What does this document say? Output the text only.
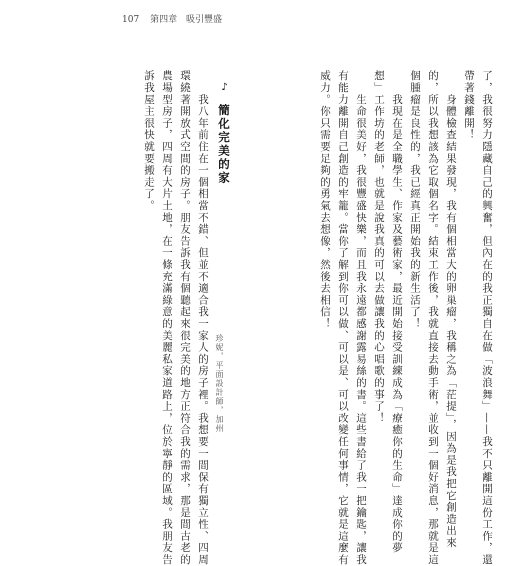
107 第四章 吸引豐盛
了，我很努力隱藏自己的興奮，但內在的我正獨自在做「波浪舞」——我不只離開這份工作，還
帶著錢離開！
　　身體檢查結果發現，我有個相當大的卵巢瘤，我稱之為「茫提」，因為是我把它創造出來
的，所以我想該為它取個名字。結束工作後，我就直接去動手術，並收到一個好消息，那就是這
個腫瘤是良性的，我已經真正開始我的新生活了！
　　我現在是全職學生、作家及藝術家，最近開始接受訓練成為「療癒你的生命」達成你的夢
想」工作坊的老師，也就是說我真的可以去做讓我的心唱歌的事了！
　　生命很美好，我很豐盛快樂，而且我永遠都感謝露易絲的書。這些書給了我一把鑰匙，讓我
有能力離開自己創造的牢籠。當你了解到你可以做、可以是、可以改變任何事情，它就是這麼有
威力。你只需要足夠的勇氣去想像，然後去相信！
♪ 簡化完美的家
珍妮，平面設計師，加州
　　我八年前住在一個相當不錯、但並不適合我一家人的房子裡。我想要一間保有獨立性、四周
環繞著開放式空間的房子。朋友告訴我有個聽起來很完美的地方正符合我的需求，那是間古老的
農場型房子，四周有大片土地，在一條充滿綠意的美麗私家道路上，位於寧靜的區域。我朋友告
訴我屋主很快就要搬走了。
